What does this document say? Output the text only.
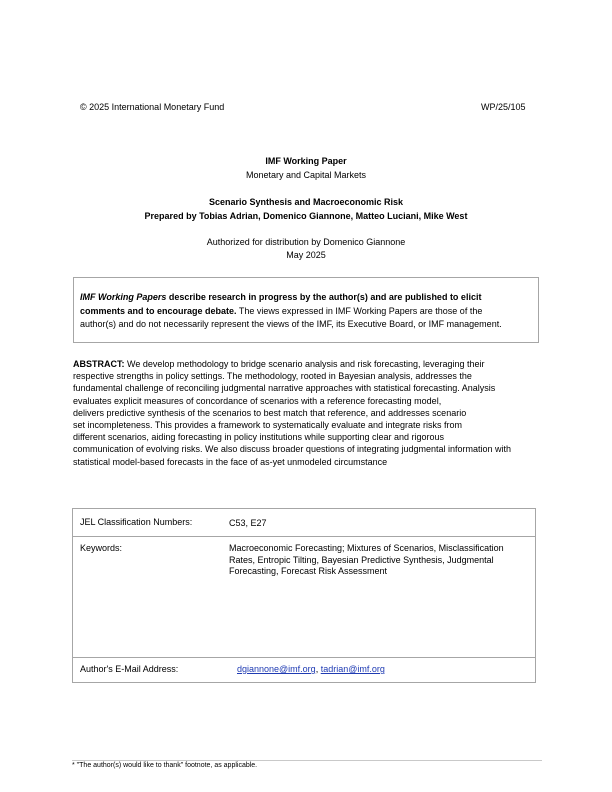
© 2025 International Monetary Fund	WP/25/105
IMF Working Paper
Monetary and Capital Markets
Scenario Synthesis and Macroeconomic Risk
Prepared by Tobias Adrian, Domenico Giannone, Matteo Luciani, Mike West
Authorized for distribution by Domenico Giannone
May 2025
IMF Working Papers describe research in progress by the author(s) and are published to elicit
comments and to encourage debate. The views expressed in IMF Working Papers are those of the
author(s) and do not necessarily represent the views of the IMF, its Executive Board, or IMF management.
ABSTRACT: We develop methodology to bridge scenario analysis and risk forecasting, leveraging their
respective strengths in policy settings. The methodology, rooted in Bayesian analysis, addresses the
fundamental challenge of reconciling judgmental narrative approaches with statistical forecasting. Analysis
evaluates explicit measures of concordance of scenarios with a reference forecasting model,
delivers predictive synthesis of the scenarios to best match that reference, and addresses scenario
set incompleteness. This provides a framework to systematically evaluate and integrate risks from
different scenarios, aiding forecasting in policy institutions while supporting clear and rigorous
communication of evolving risks. We also discuss broader questions of integrating judgmental information with
statistical model-based forecasts in the face of as-yet unmodeled circumstance
JEL Classification Numbers:	C53, E27
Keywords:	Macroeconomic Forecasting; Mixtures of Scenarios, Misclassification
Rates, Entropic Tilting, Bayesian Predictive Synthesis, Judgmental
Forecasting, Forecast Risk Assessment
Author's E-Mail Address:	dgiannone@imf.org, tadrian@imf.org
* "The author(s) would like to thank" footnote, as applicable.
